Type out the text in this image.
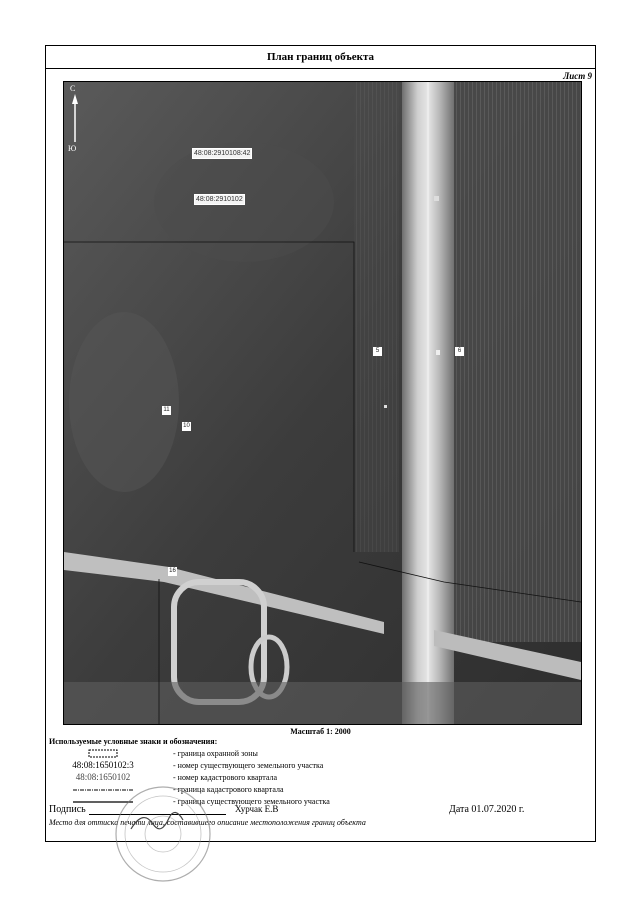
План границ объекта
Лист 9
С
Ю
48:08:2910108:42
48:08:2910102
11
10
5	6
16
Масштаб 1: 2000
Используемые условные знаки и обозначения:
- граница охранной зоны
48:08:1650102:3	- номер существующего земельного участка
48:08:1650102	- номер кадастрового квартала
- граница кадастрового квартала
- граница существующего земельного участка
Подпись	Хурчак Е.В	Дата 01.07.2020 г.
Место для оттиска печати лица, составившего описание местоположения границ объекта
